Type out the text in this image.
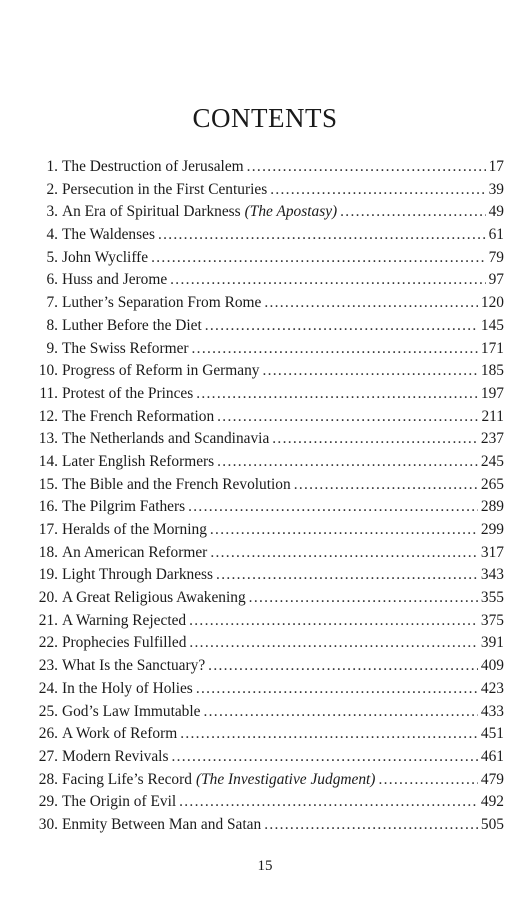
CONTENTS
1. The Destruction of Jerusalem .....	17
2. Persecution in the First Centuries .....	39
3. An Era of Spiritual Darkness (The Apostasy) .....	49
4. The Waldenses .....	61
5. John Wycliffe .....	79
6. Huss and Jerome .....	97
7. Luther’s Separation From Rome .....	120
8. Luther Before the Diet .....	145
9. The Swiss Reformer .....	171
10. Progress of Reform in Germany .....	185
11. Protest of the Princes .....	197
12. The French Reformation .....	211
13. The Netherlands and Scandinavia .....	237
14. Later English Reformers .....	245
15. The Bible and the French Revolution .....	265
16. The Pilgrim Fathers .....	289
17. Heralds of the Morning .....	299
18. An American Reformer .....	317
19. Light Through Darkness .....	343
20. A Great Religious Awakening .....	355
21. A Warning Rejected .....	375
22. Prophecies Fulfilled .....	391
23. What Is the Sanctuary? .....	409
24. In the Holy of Holies .....	423
25. God’s Law Immutable .....	433
26. A Work of Reform .....	451
27. Modern Revivals .....	461
28. Facing Life’s Record (The Investigative Judgment) .....	479
29. The Origin of Evil .....	492
30. Enmity Between Man and Satan .....	505
15
